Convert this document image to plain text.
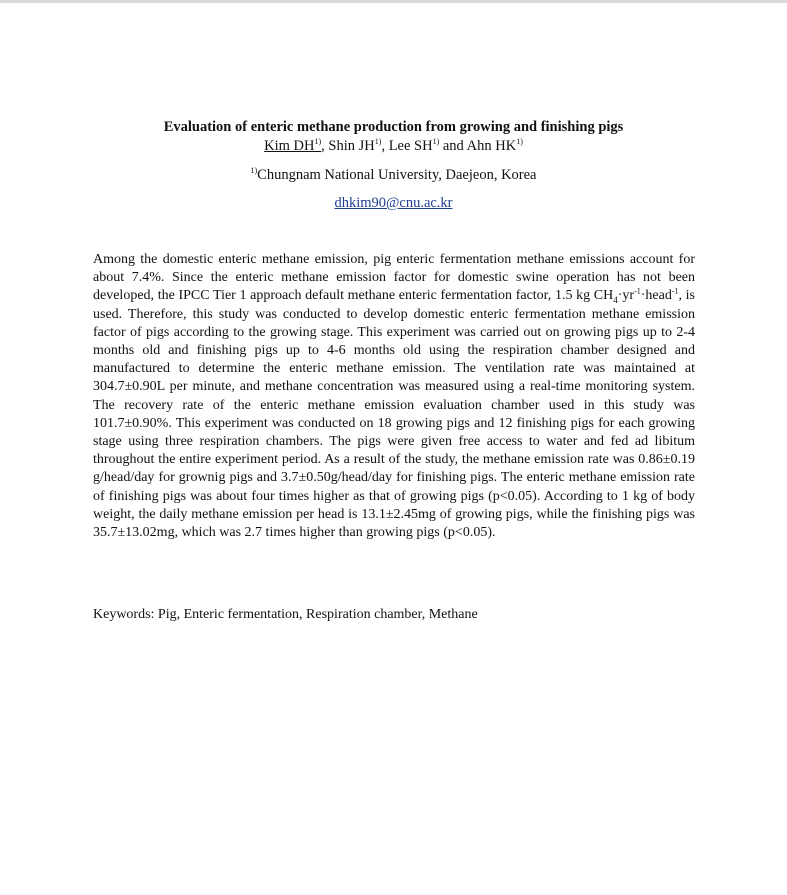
Evaluation of enteric methane production from growing and finishing pigs
Kim DH$^{1)}$, Shin JH$^{1)}$, Lee SH$^{1)}$ and Ahn HK$^{1)}$
$^{1)}$Chungnam National University, Daejeon, Korea
dhkim90@cnu.ac.kr

Among the domestic enteric methane emission, pig enteric fermentation methane emissions account for about 7.4%. Since the enteric methane emission factor for domestic swine operation has not been developed, the IPCC Tier 1 approach default methane enteric fermentation factor, 1.5 kg $CH_4\cdot yr^{-1}\cdot head^{-1}$, is used. Therefore, this study was conducted to develop domestic enteric fermentation methane emission factor of pigs according to the growing stage. This experiment was carried out on growing pigs up to 2-4 months old and finishing pigs up to 4-6 months old using the respiration chamber designed and manufactured to determine the enteric methane emission. The ventilation rate was maintained at 304.7±0.90L per minute, and methane concentration was measured using a real-time monitoring system. The recovery rate of the enteric methane emission evaluation chamber used in this study was 101.7±0.90%. This experiment was conducted on 18 growing pigs and 12 finishing pigs for each growing stage using three respiration chambers. The pigs were given free access to water and fed ad libitum throughout the entire experiment period. As a result of the study, the methane emission rate was 0.86±0.19 g/head/day for grownig pigs and 3.7±0.50g/head/day for finishing pigs. The enteric methane emission rate of finishing pigs was about four times higher as that of growing pigs (p<0.05). According to 1 kg of body weight, the daily methane emission per head is 13.1±2.45mg of growing pigs, while the finishing pigs was 35.7±13.02mg, which was 2.7 times higher than growing pigs (p<0.05).

Keywords: Pig, Enteric fermentation, Respiration chamber, Methane
